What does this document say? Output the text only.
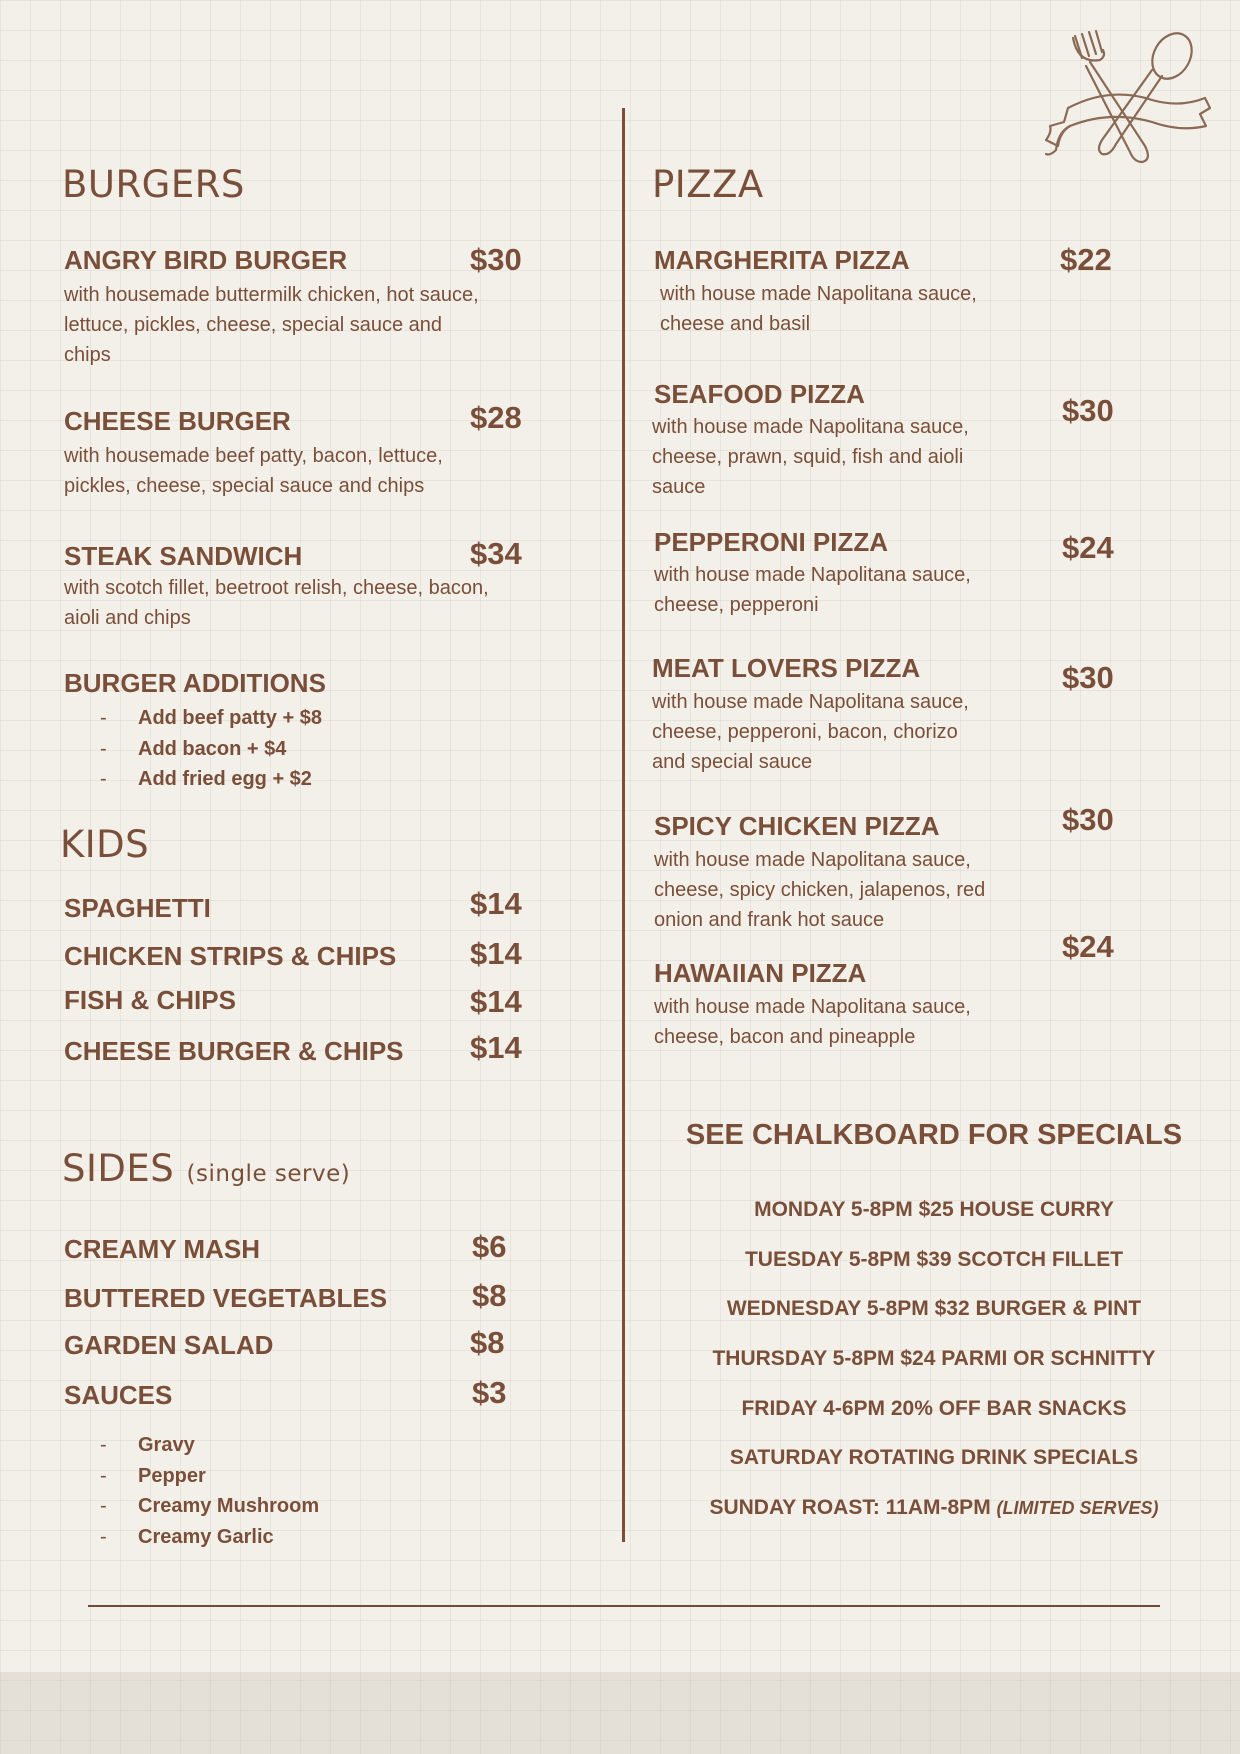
BURGERS
ANGRY BIRD BURGER	$30
with housemade buttermilk chicken, hot sauce, lettuce, pickles, cheese, special sauce and chips
CHEESE BURGER	$28
with housemade beef patty, bacon, lettuce, pickles, cheese, special sauce and chips
STEAK SANDWICH	$34
with scotch fillet, beetroot relish, cheese, bacon, aioli and chips
BURGER ADDITIONS
- Add beef patty + $8
- Add bacon + $4
- Add fried egg + $2
KIDS
SPAGHETTI	$14
CHICKEN STRIPS & CHIPS $14
FISH & CHIPS	$14
CHEESE BURGER & CHIPS $14
SIDES (single serve)
CREAMY MASH	$6
BUTTERED VEGETABLES	$8
GARDEN SALAD	$8
SAUCES	$3
- Gravy
- Pepper
- Creamy Mushroom
- Creamy Garlic
PIZZA
MARGHERITA PIZZA	$22
with house made Napolitana sauce, cheese and basil
SEAFOOD PIZZA	$30
with house made Napolitana sauce, cheese, prawn, squid, fish and aioli sauce
PEPPERONI PIZZA	$24
with house made Napolitana sauce, cheese, pepperoni
MEAT LOVERS PIZZA	$30
with house made Napolitana sauce, cheese, pepperoni, bacon, chorizo and special sauce
SPICY CHICKEN PIZZA	$30
with house made Napolitana sauce, cheese, spicy chicken, jalapenos, red onion and frank hot sauce
HAWAIIAN PIZZA
$24
with house made Napolitana sauce, cheese, bacon and pineapple
SEE CHALKBOARD FOR SPECIALS
MONDAY 5-8PM $25 HOUSE CURRY
TUESDAY 5-8PM $39 SCOTCH FILLET
WEDNESDAY 5-8PM $32 BURGER & PINT
THURSDAY 5-8PM $24 PARMI OR SCHNITTY
FRIDAY 4-6PM 20% OFF BAR SNACKS
SATURDAY ROTATING DRINK SPECIALS
SUNDAY ROAST: 11AM-8PM (LIMITED SERVES)
